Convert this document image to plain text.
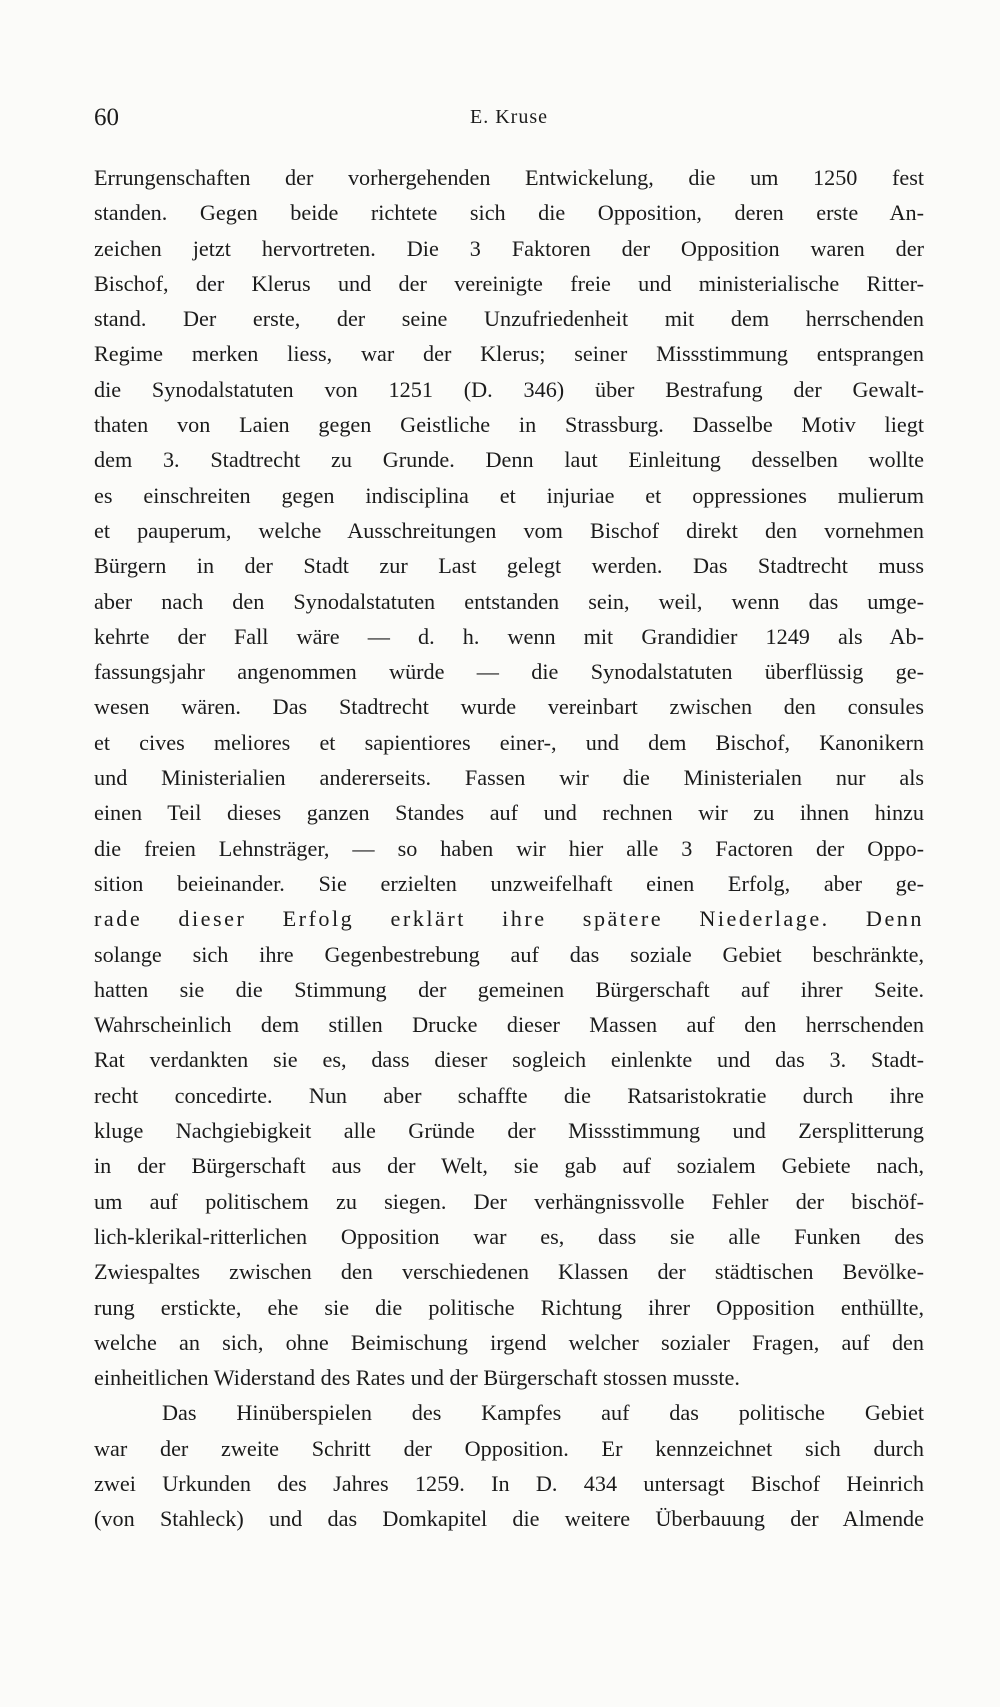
60	E. Kruse
Errungenschaften der vorhergehenden Entwickelung, die um 1250 fest
standen. Gegen beide richtete sich die Opposition, deren erste An-
zeichen jetzt hervortreten. Die 3 Faktoren der Opposition waren der
Bischof, der Klerus und der vereinigte freie und ministerialische Ritter-
stand. Der erste, der seine Unzufriedenheit mit dem herrschenden
Regime merken liess, war der Klerus; seiner Missstimmung entsprangen
die Synodalstatuten von 1251 (D. 346) über Bestrafung der Gewalt-
thaten von Laien gegen Geistliche in Strassburg. Dasselbe Motiv liegt
dem 3. Stadtrecht zu Grunde. Denn laut Einleitung desselben wollte
es einschreiten gegen indisciplina et injuriae et oppressiones mulierum
et pauperum, welche Ausschreitungen vom Bischof direkt den vornehmen
Bürgern in der Stadt zur Last gelegt werden. Das Stadtrecht muss
aber nach den Synodalstatuten entstanden sein, weil, wenn das umge-
kehrte der Fall wäre — d. h. wenn mit Grandidier 1249 als Ab-
fassungsjahr angenommen würde — die Synodalstatuten überflüssig ge-
wesen wären. Das Stadtrecht wurde vereinbart zwischen den consules
et cives meliores et sapientiores einer-, und dem Bischof, Kanonikern
und Ministerialien andererseits. Fassen wir die Ministerialen nur als
einen Teil dieses ganzen Standes auf und rechnen wir zu ihnen hinzu
die freien Lehnsträger, — so haben wir hier alle 3 Factoren der Oppo-
sition beieinander. Sie erzielten unzweifelhaft einen Erfolg, aber ge-
rade dieser Erfolg erklärt ihre spätere Niederlage. Denn
solange sich ihre Gegenbestrebung auf das soziale Gebiet beschränkte,
hatten sie die Stimmung der gemeinen Bürgerschaft auf ihrer Seite.
Wahrscheinlich dem stillen Drucke dieser Massen auf den herrschenden
Rat verdankten sie es, dass dieser sogleich einlenkte und das 3. Stadt-
recht concedirte. Nun aber schaffte die Ratsaristokratie durch ihre
kluge Nachgiebigkeit alle Gründe der Missstimmung und Zersplitterung
in der Bürgerschaft aus der Welt, sie gab auf sozialem Gebiete nach,
um auf politischem zu siegen. Der verhängnissvolle Fehler der bischöf-
lich-klerikal-ritterlichen Opposition war es, dass sie alle Funken des
Zwiespaltes zwischen den verschiedenen Klassen der städtischen Bevölke-
rung erstickte, ehe sie die politische Richtung ihrer Opposition enthüllte,
welche an sich, ohne Beimischung irgend welcher sozialer Fragen, auf den
einheitlichen Widerstand des Rates und der Bürgerschaft stossen musste.
Das Hinüberspielen des Kampfes auf das politische Gebiet
war der zweite Schritt der Opposition. Er kennzeichnet sich durch
zwei Urkunden des Jahres 1259. In D. 434 untersagt Bischof Heinrich
(von Stahleck) und das Domkapitel die weitere Überbauung der Almende
